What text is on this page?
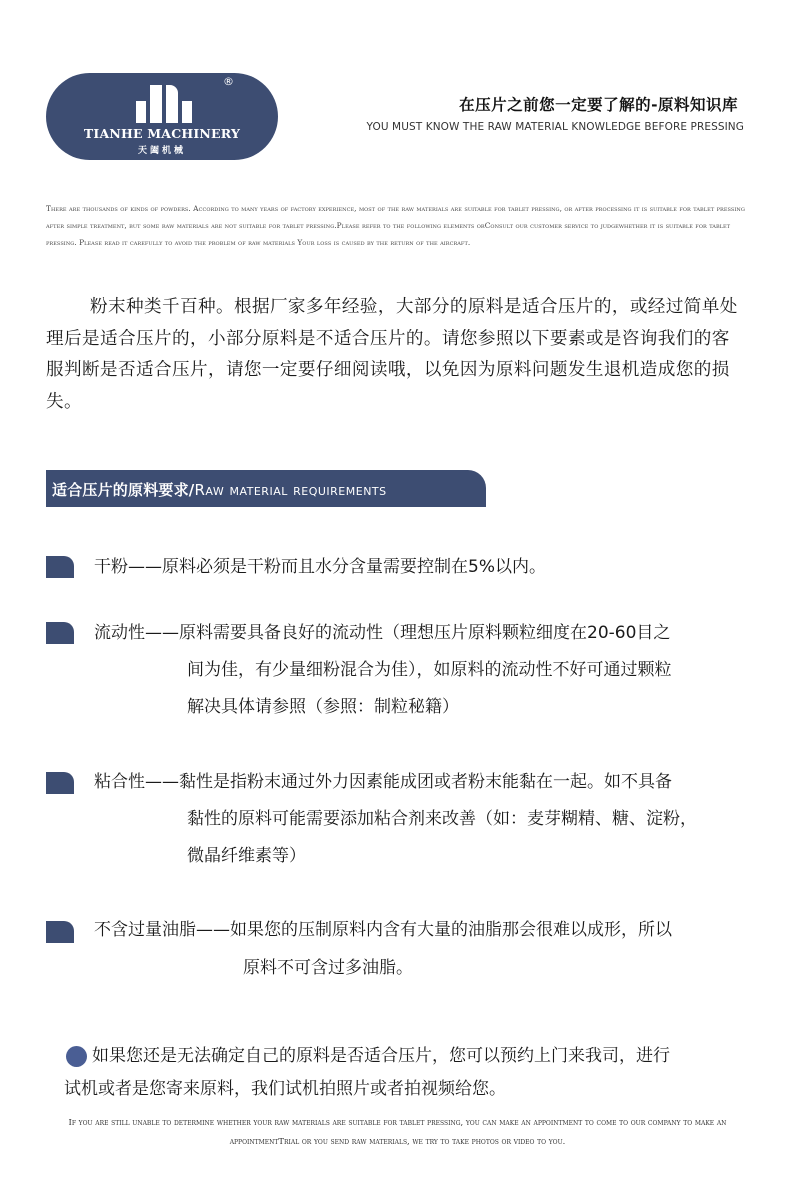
®
TIANHE MACHINERY
天阖机械
在压片之前您一定要了解的-原料知识库
YOU MUST KNOW THE RAW MATERIAL KNOWLEDGE BEFORE PRESSING
There are thousands of kinds of powders. According to many years of factory experience, most of the raw materials are suitable for tablet pressing, or after processing it is suitable for tablet pressing after simple treatment, but some raw materials are not suitable for tablet pressing.Please refer to the following elements orConsult our customer service to judgewhether it is suitable for tablet pressing. Please read it carefully to avoid the problem of raw materials Your loss is caused by the return of the aircraft.
粉末种类千百种。根据厂家多年经验，大部分的原料是适合压片的，或经过简单处理后是适合压片的，小部分原料是不适合压片的。请您参照以下要素或是咨询我们的客服判断是否适合压片，请您一定要仔细阅读哦，以免因为原料问题发生退机造成您的损失。
适合压片的原料要求/Raw material requirements
干粉——原料必须是干粉而且水分含量需要控制在5%以内。
流动性——原料需要具备良好的流动性（理想压片原料颗粒细度在20-60目之
间为佳，有少量细粉混合为佳），如原料的流动性不好可通过颗粒
解决具体请参照（参照：制粒秘籍）
粘合性——黏性是指粉末通过外力因素能成团或者粉末能黏在一起。如不具备
黏性的原料可能需要添加粘合剂来改善（如：麦芽糊精、糖、淀粉，
微晶纤维素等）
不含过量油脂——如果您的压制原料内含有大量的油脂那会很难以成形，所以
原料不可含过多油脂。
如果您还是无法确定自己的原料是否适合压片，您可以预约上门来我司，进行
试机或者是您寄来原料，我们试机拍照片或者拍视频给您。
If you are still unable to determine whether your raw materials are suitable for tablet pressing, you can make an appointment to come to our company to make an appointmentTrial or you send raw materials, we try to take photos or video to you.
